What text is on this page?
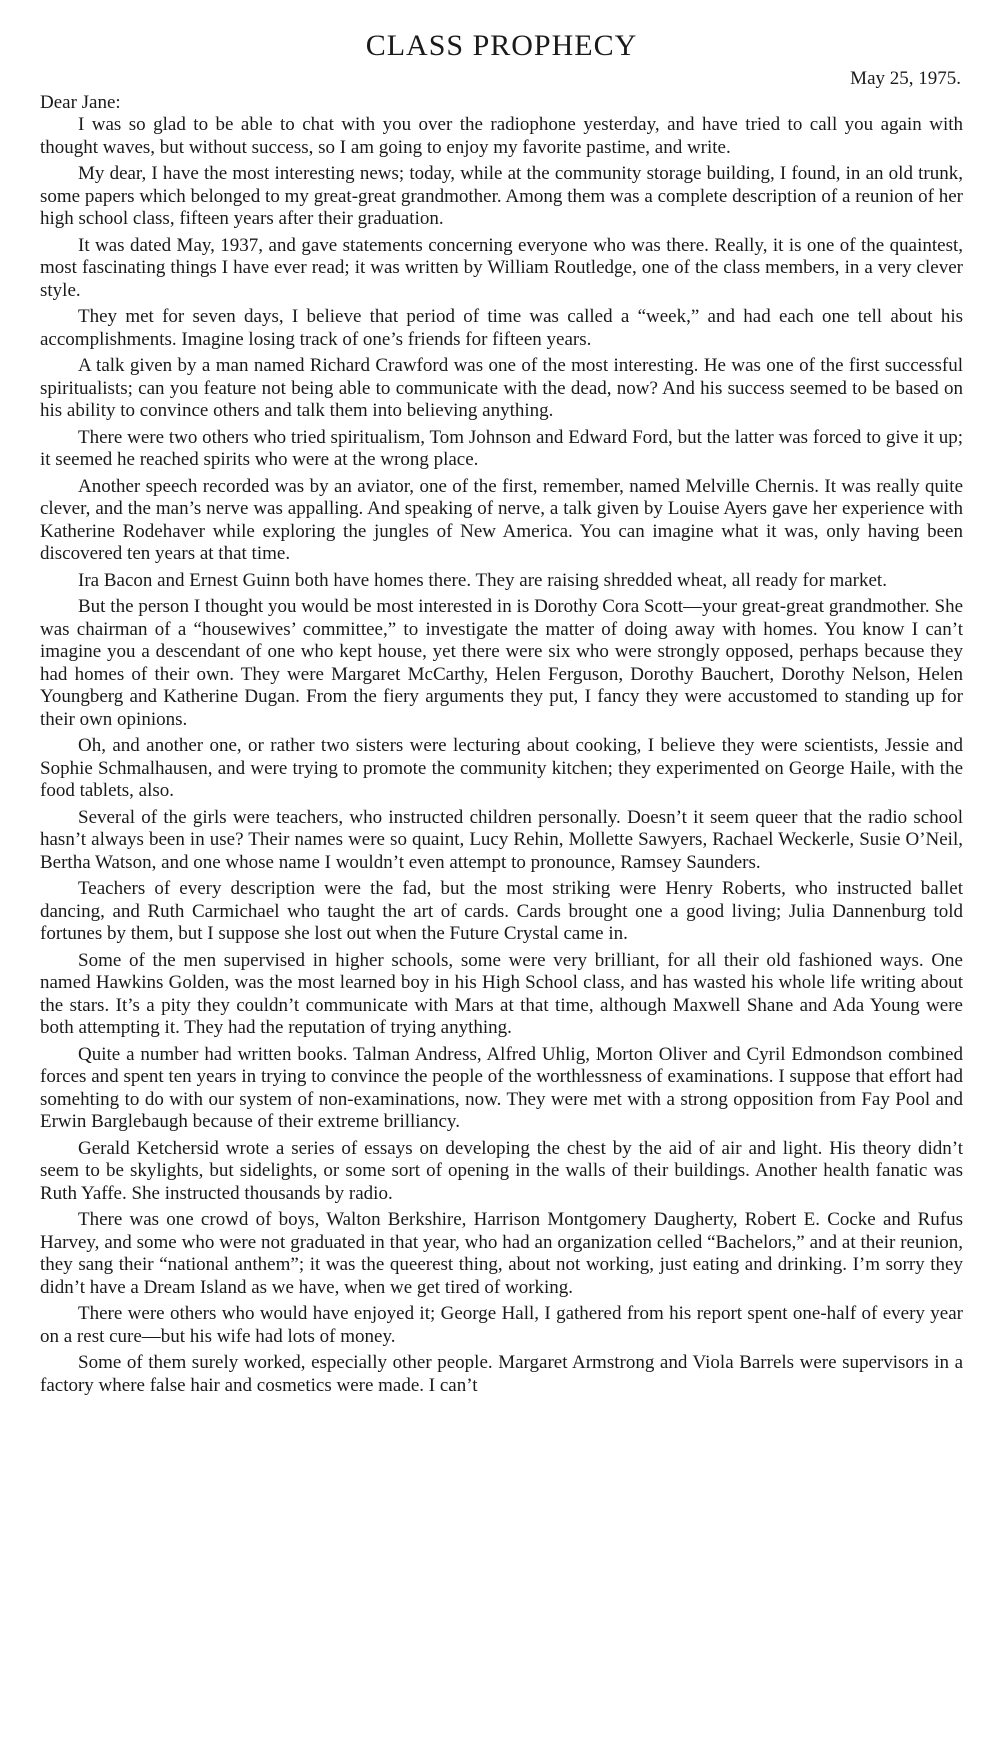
CLASS PROPHECY

May 25, 1975.

Dear Jane:

I was so glad to be able to chat with you over the radiophone yesterday, and have tried to call you again with thought waves, but without success, so I am going to enjoy my favorite pastime, and write.

My dear, I have the most interesting news; today, while at the community storage building, I found, in an old trunk, some papers which belonged to my great-great grandmother. Among them was a complete description of a reunion of her high school class, fifteen years after their graduation.

It was dated May, 1937, and gave statements concerning everyone who was there. Really, it is one of the quaintest, most fascinating things I have ever read; it was written by William Routledge, one of the class members, in a very clever style.

They met for seven days, I believe that period of time was called a “week,” and had each one tell about his accomplishments. Imagine losing track of one’s friends for fifteen years.

A talk given by a man named Richard Crawford was one of the most interesting. He was one of the first successful spiritualists; can you feature not being able to communicate with the dead, now? And his success seemed to be based on his ability to convince others and talk them into believing anything.

There were two others who tried spiritualism, Tom Johnson and Edward Ford, but the latter was forced to give it up; it seemed he reached spirits who were at the wrong place.

Another speech recorded was by an aviator, one of the first, remember, named Melville Chernis. It was really quite clever, and the man’s nerve was appalling. And speaking of nerve, a talk given by Louise Ayers gave her experience with Katherine Rodehaver while exploring the jungles of New America. You can imagine what it was, only having been discovered ten years at that time.

Ira Bacon and Ernest Guinn both have homes there. They are raising shredded wheat, all ready for market.

But the person I thought you would be most interested in is Dorothy Cora Scott—your great-great grandmother. She was chairman of a “housewives’ committee,” to investigate the matter of doing away with homes. You know I can’t imagine you a descendant of one who kept house, yet there were six who were strongly opposed, perhaps because they had homes of their own. They were Margaret McCarthy, Helen Ferguson, Dorothy Bauchert, Dorothy Nelson, Helen Youngberg and Katherine Dugan. From the fiery arguments they put, I fancy they were accustomed to standing up for their own opinions.

Oh, and another one, or rather two sisters were lecturing about cooking, I believe they were scientists, Jessie and Sophie Schmalhausen, and were trying to promote the community kitchen; they experimented on George Haile, with the food tablets, also.

Several of the girls were teachers, who instructed children personally. Doesn’t it seem queer that the radio school hasn’t always been in use? Their names were so quaint, Lucy Rehin, Mollette Sawyers, Rachael Weckerle, Susie O’Neil, Bertha Watson, and one whose name I wouldn’t even attempt to pronounce, Ramsey Saunders.

Teachers of every description were the fad, but the most striking were Henry Roberts, who instructed ballet dancing, and Ruth Carmichael who taught the art of cards. Cards brought one a good living; Julia Dannenburg told fortunes by them, but I suppose she lost out when the Future Crystal came in.

Some of the men supervised in higher schools, some were very brilliant, for all their old fashioned ways. One named Hawkins Golden, was the most learned boy in his High School class, and has wasted his whole life writing about the stars. It’s a pity they couldn’t communicate with Mars at that time, although Maxwell Shane and Ada Young were both attempting it. They had the reputation of trying anything.

Quite a number had written books. Talman Andress, Alfred Uhlig, Morton Oliver and Cyril Edmondson combined forces and spent ten years in trying to convince the people of the worthlessness of examinations. I suppose that effort had somehting to do with our system of non-examinations, now. They were met with a strong opposition from Fay Pool and Erwin Barglebaugh because of their extreme brilliancy.

Gerald Ketchersid wrote a series of essays on developing the chest by the aid of air and light. His theory didn’t seem to be skylights, but sidelights, or some sort of opening in the walls of their buildings. Another health fanatic was Ruth Yaffe. She instructed thousands by radio.

There was one crowd of boys, Walton Berkshire, Harrison Montgomery Daugherty, Robert E. Cocke and Rufus Harvey, and some who were not graduated in that year, who had an organization celled “Bachelors,” and at their reunion, they sang their “national anthem”; it was the queerest thing, about not working, just eating and drinking. I’m sorry they didn’t have a Dream Island as we have, when we get tired of working.

There were others who would have enjoyed it; George Hall, I gathered from his report spent one-half of every year on a rest cure—but his wife had lots of money.

Some of them surely worked, especially other people. Margaret Armstrong and Viola Barrels were supervisors in a factory where false hair and cosmetics were made. I can’t
